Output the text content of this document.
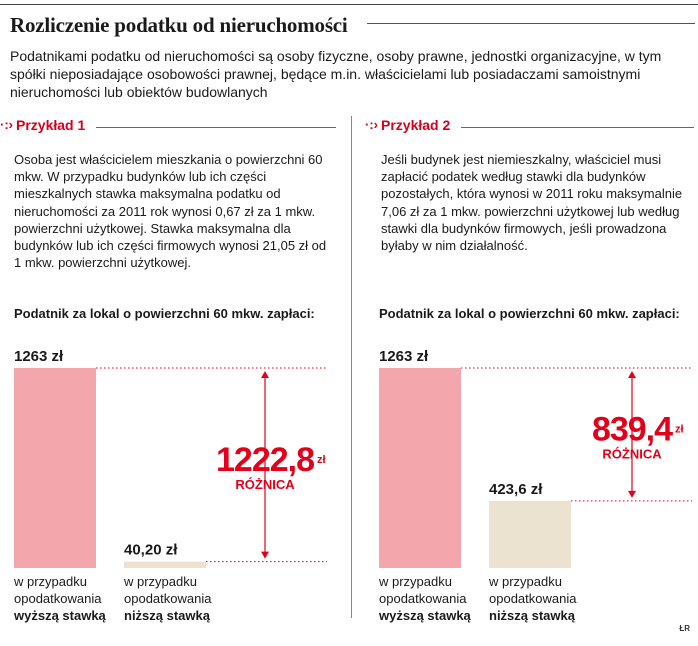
Rozliczenie podatku od nieruchomości

Podatnikami podatku od nieruchomości są osoby fizyczne, osoby prawne, jednostki organizacyjne, w tym spółki nieposiadające osobowości prawnej, będące m.in. właścicielami lub posiadaczami samoistnymi nieruchomości lub obiektów budowlanych

·:› Przykład 1

Osoba jest właścicielem mieszkania o powierzchni 60 mkw. W przypadku budynków lub ich części mieszkalnych stawka maksymalna podatku od nieruchomości za 2011 rok wynosi 0,67 zł za 1 mkw. powierzchni użytkowej. Stawka maksymalna dla budynków lub ich części firmowych wynosi 21,05 zł od 1 mkw. powierzchni użytkowej.

Podatnik za lokal o powierzchni 60 mkw. zapłaci:

1263 zł
40,20 zł
1222,8 zł
RÓŻNICA

w przypadku
opodatkowania
wyższą stawką

w przypadku
opodatkowania
niższą stawką

·:› Przykład 2

Jeśli budynek jest niemieszkalny, właściciel musi zapłacić podatek według stawki dla budynków pozostałych, która wynosi w 2011 roku maksymalnie 7,06 zł za 1 mkw. powierzchni użytkowej lub według stawki dla budynków firmowych, jeśli prowadzona byłaby w nim działalność.

Podatnik za lokal o powierzchni 60 mkw. zapłaci:

1263 zł
423,6 zł
839,4 zł
RÓŻNICA

w przypadku
opodatkowania
wyższą stawką

w przypadku
opodatkowania
niższą stawką

ŁR
